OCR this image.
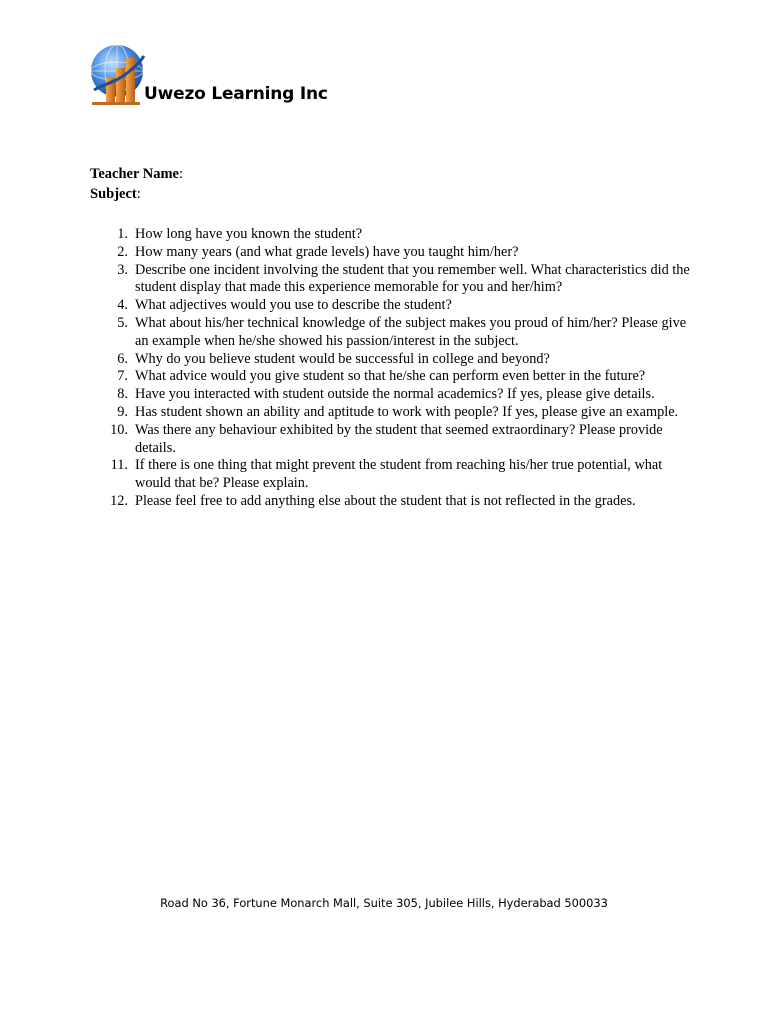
Uwezo Learning Inc
Teacher Name:
Subject:
1. How long have you known the student?
2. How many years (and what grade levels) have you taught him/her?
3. Describe one incident involving the student that you remember well. What characteristics did the student display that made this experience memorable for you and her/him?
4. What adjectives would you use to describe the student?
5. What about his/her technical knowledge of the subject makes you proud of him/her? Please give an example when he/she showed his passion/interest in the subject.
6. Why do you believe student would be successful in college and beyond?
7. What advice would you give student so that he/she can perform even better in the future?
8. Have you interacted with student outside the normal academics? If yes, please give details.
9. Has student shown an ability and aptitude to work with people? If yes, please give an example.
10. Was there any behaviour exhibited by the student that seemed extraordinary? Please provide details.
11. If there is one thing that might prevent the student from reaching his/her true potential, what would that be? Please explain.
12. Please feel free to add anything else about the student that is not reflected in the grades.
Road No 36, Fortune Monarch Mall, Suite 305, Jubilee Hills, Hyderabad 500033
